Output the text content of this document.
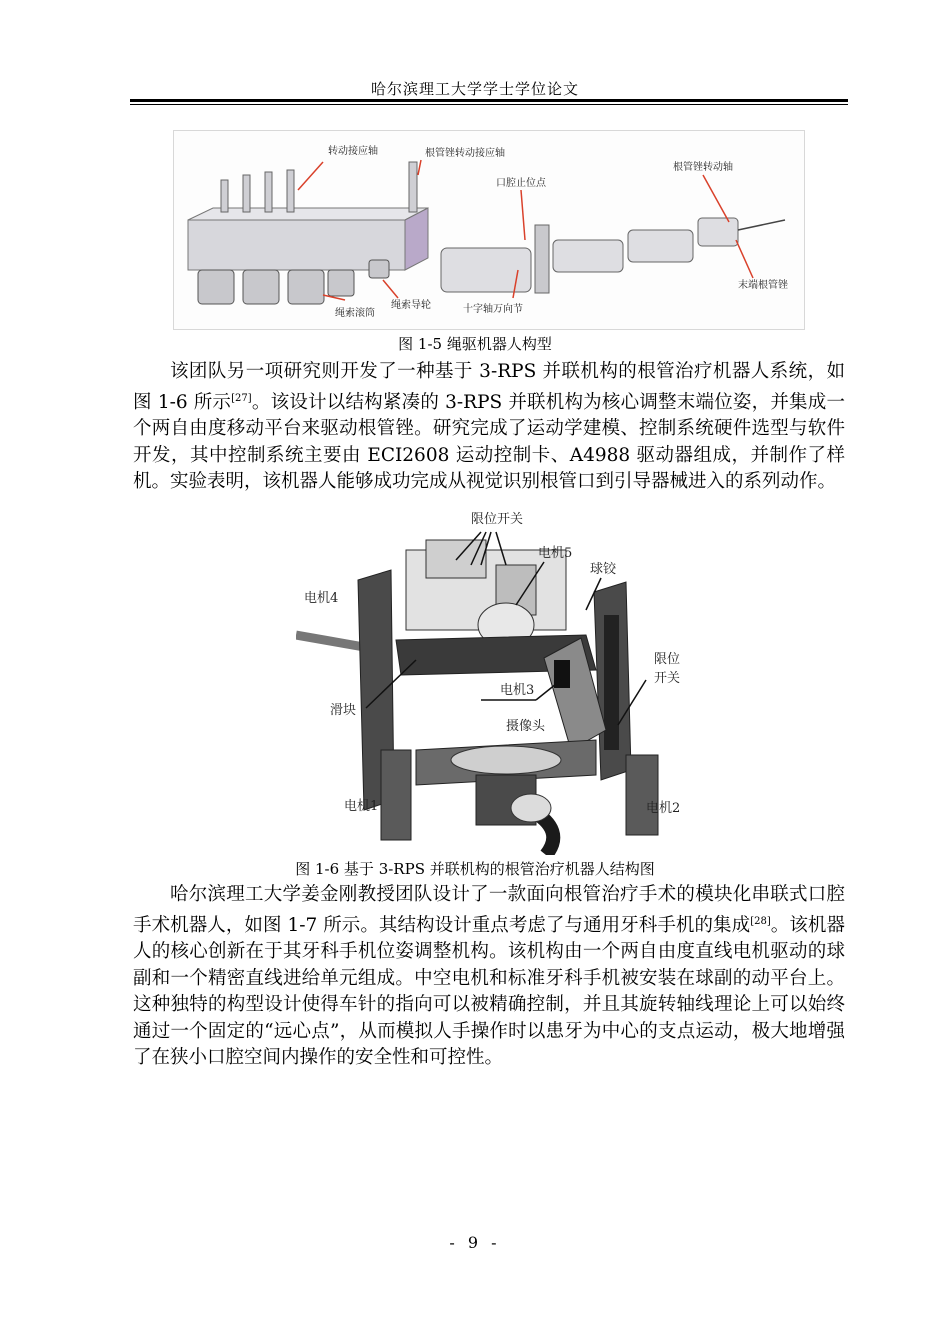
哈尔滨理工大学学士学位论文
转动接应轴	根管锉转动接应轴
口腔止位点
根管锉转动轴
末端根管锉
十字轴万向节
绳索导轮
绳索滚筒
图 1-5 绳驱机器人构型

该团队另一项研究则开发了一种基于 3-RPS 并联机构的根管治疗机器人系统，如图 1-6 所示[27]。该设计以结构紧凑的 3-RPS 并联机构为核心调整末端位姿，并集成一个两自由度移动平台来驱动根管锉。研究完成了运动学建模、控制系统硬件选型与软件开发，其中控制系统主要由 ECI2608 运动控制卡、A4988 驱动器组成，并制作了样机。实验表明，该机器人能够成功完成从视觉识别根管口到引导器械进入的系列动作。

限位开关
电机5
球铰
电机4
限位
开关
滑块
电机3
摄像头
电机1	电机2
图 1-6 基于 3-RPS 并联机构的根管治疗机器人结构图

哈尔滨理工大学姜金刚教授团队设计了一款面向根管治疗手术的模块化串联式口腔手术机器人，如图 1-7 所示。其结构设计重点考虑了与通用牙科手机的集成[28]。该机器人的核心创新在于其牙科手机位姿调整机构。该机构由一个两自由度直线电机驱动的球副和一个精密直线进给单元组成。中空电机和标准牙科手机被安装在球副的动平台上。这种独特的构型设计使得车针的指向可以被精确控制，并且其旋转轴线理论上可以始终通过一个固定的“远心点”，从而模拟人手操作时以患牙为中心的支点运动，极大地增强了在狭小口腔空间内操作的安全性和可控性。

- 9 -
